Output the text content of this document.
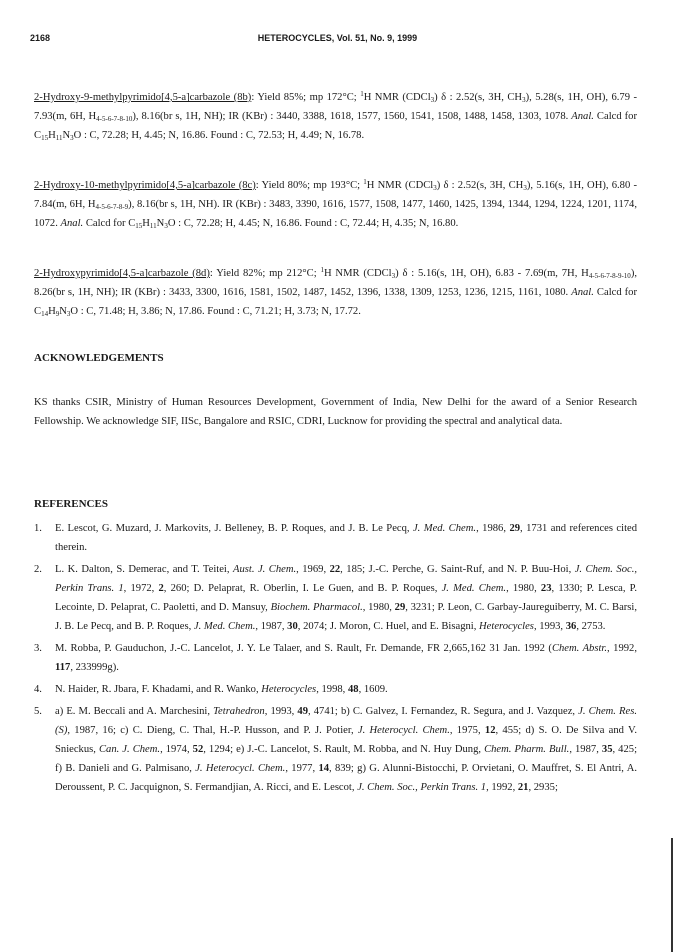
2168	HETEROCYCLES, Vol. 51, No. 9, 1999

2-Hydroxy-9-methylpyrimido[4,5-a]carbazole (8b): Yield 85%; mp 172°C; $^1$H NMR (CDCl$_3$) δ : 2.52(s, 3H, $CH_3$), 5.28(s, 1H, OH), 6.79 - 7.93(m, 6H, $H_{4-5-6-7-8-10}$), 8.16(br s, 1H, NH); IR (KBr) : 3440, 3388, 1618, 1577, 1560, 1541, 1508, 1488, 1458, 1303, 1078. Anal. Calcd for $C_{15}H_{11}N_3O$ : C, 72.28; H, 4.45; N, 16.86. Found : C, 72.53; H, 4.49; N, 16.78.

2-Hydroxy-10-methylpyrimido[4,5-a]carbazole (8c): Yield 80%; mp 193°C; $^1$H NMR (CDCl$_3$) δ : 2.52(s, 3H, $CH_3$), 5.16(s, 1H, OH), 6.80 - 7.84(m, 6H, $H_{4-5-6-7-8-9}$), 8.16(br s, 1H, NH). IR (KBr) : 3483, 3390, 1616, 1577, 1508, 1477, 1460, 1425, 1394, 1344, 1294, 1224, 1201, 1174, 1072. Anal. Calcd for $C_{15}H_{11}N_3O$ : C, 72.28; H, 4.45; N, 16.86. Found : C, 72.44; H, 4.35; N, 16.80.

2-Hydroxypyrimido[4,5-a]carbazole (8d): Yield 82%; mp 212°C; $^1$H NMR (CDCl$_3$) δ : 5.16(s, 1H, OH), 6.83 - 7.69(m, 7H, $H_{4-5-6-7-8-9-10}$), 8.26(br s, 1H, NH); IR (KBr) : 3433, 3300, 1616, 1581, 1502, 1487, 1452, 1396, 1338, 1309, 1253, 1236, 1215, 1161, 1080. Anal. Calcd for $C_{14}H_9N_3O$ : C, 71.48; H, 3.86; N, 17.86. Found : C, 71.21; H, 3.73; N, 17.72.

ACKNOWLEDGEMENTS

KS thanks CSIR, Ministry of Human Resources Development, Government of India, New Delhi for the award of a Senior Research Fellowship. We acknowledge SIF, IISc, Bangalore and RSIC, CDRI, Lucknow for providing the spectral and analytical data.

REFERENCES
1. E. Lescot, G. Muzard, J. Markovits, J. Belleney, B. P. Roques, and J. B. Le Pecq, J. Med. Chem., 1986, 29, 1731 and references cited therein.
2. L. K. Dalton, S. Demerac, and T. Teitei, Aust. J. Chem., 1969, 22, 185; J.-C. Perche, G. Saint-Ruf, and N. P. Buu-Hoi, J. Chem. Soc., Perkin Trans. 1, 1972, 2, 260; D. Pelaprat, R. Oberlin, I. Le Guen, and B. P. Roques, J. Med. Chem., 1980, 23, 1330; P. Lesca, P. Lecointe, D. Pelaprat, C. Paoletti, and D. Mansuy, Biochem. Pharmacol., 1980, 29, 3231; P. Leon, C. Garbay-Jaureguiberry, M. C. Barsi, J. B. Le Pecq, and B. P. Roques, J. Med. Chem., 1987, 30, 2074; J. Moron, C. Huel, and E. Bisagni, Heterocycles, 1993, 36, 2753.
3. M. Robba, P. Gauduchon, J.-C. Lancelot, J. Y. Le Talaer, and S. Rault, Fr. Demande, FR 2,665,162 31 Jan. 1992 (Chem. Abstr., 1992, 117, 233999g).
4. N. Haider, R. Jbara, F. Khadami, and R. Wanko, Heterocycles, 1998, 48, 1609.
5. a) E. M. Beccali and A. Marchesini, Tetrahedron, 1993, 49, 4741; b) C. Galvez, I. Fernandez, R. Segura, and J. Vazquez, J. Chem. Res.(S), 1987, 16; c) C. Dieng, C. Thal, H.-P. Husson, and P. J. Potier, J. Heterocycl. Chem., 1975, 12, 455; d) S. O. De Silva and V. Snieckus, Can. J. Chem., 1974, 52, 1294; e) J.-C. Lancelot, S. Rault, M. Robba, and N. Huy Dung, Chem. Pharm. Bull., 1987, 35, 425; f) B. Danieli and G. Palmisano, J. Heterocycl. Chem., 1977, 14, 839; g) G. Alunni-Bistocchi, P. Orvietani, O. Mauffret, S. El Antri, A. Deroussent, P. C. Jacquignon, S. Fermandjian, A. Ricci, and E. Lescot, J. Chem. Soc., Perkin Trans. 1, 1992, 21, 2935;
